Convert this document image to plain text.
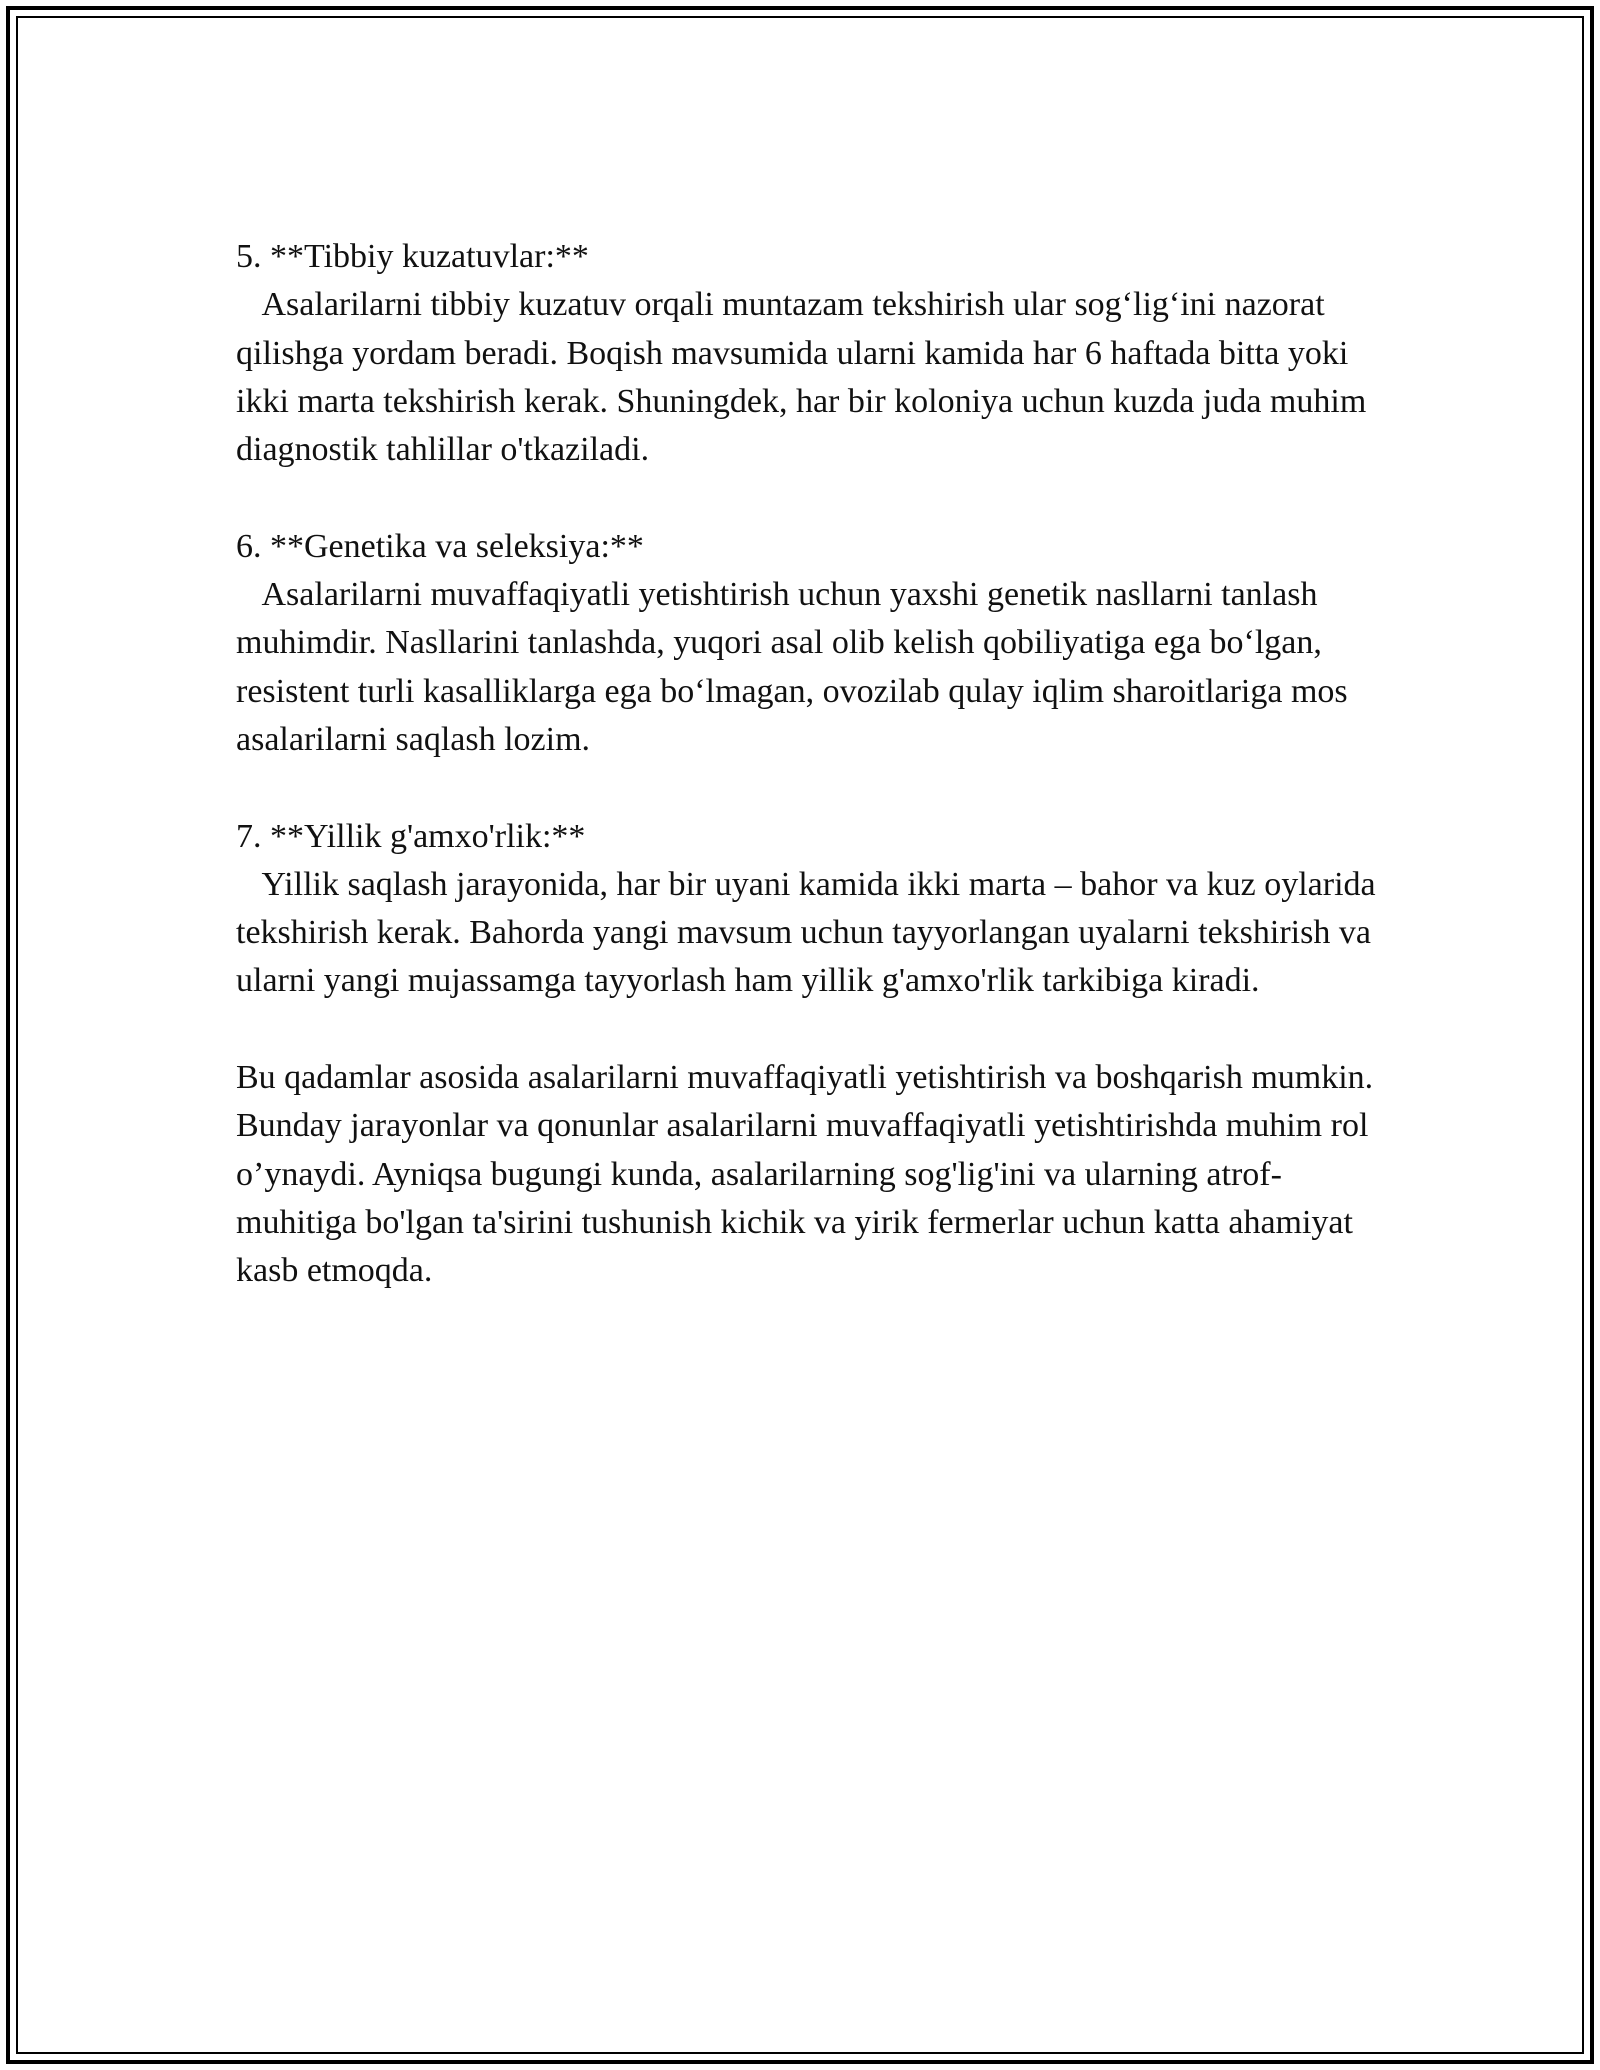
5. **Tibbiy kuzatuvlar:**
Asalarilarni tibbiy kuzatuv orqali muntazam tekshirish ular sog‘lig‘ini nazorat qilishga yordam beradi. Boqish mavsumida ularni kamida har 6 haftada bitta yoki ikki marta tekshirish kerak. Shuningdek, har bir koloniya uchun kuzda juda muhim diagnostik tahlillar o'tkaziladi.
6. **Genetika va seleksiya:**
Asalarilarni muvaffaqiyatli yetishtirish uchun yaxshi genetik nasllarni tanlash muhimdir. Nasllarini tanlashda, yuqori asal olib kelish qobiliyatiga ega bo‘lgan, resistent turli kasalliklarga ega bo‘lmagan, ovozilab qulay iqlim sharoitlariga mos asalarilarni saqlash lozim.
7. **Yillik g'amxo'rlik:**
Yillik saqlash jarayonida, har bir uyani kamida ikki marta – bahor va kuz oylarida tekshirish kerak. Bahorda yangi mavsum uchun tayyorlangan uyalarni tekshirish va ularni yangi mujassamga tayyorlash ham yillik g'amxo'rlik tarkibiga kiradi.
Bu qadamlar asosida asalarilarni muvaffaqiyatli yetishtirish va boshqarish mumkin. Bunday jarayonlar va qonunlar asalarilarni muvaffaqiyatli yetishtirishda muhim rol o’ynaydi. Ayniqsa bugungi kunda, asalarilarning sog'lig'ini va ularning atrof-muhitiga bo'lgan ta'sirini tushunish kichik va yirik fermerlar uchun katta ahamiyat kasb etmoqda.
